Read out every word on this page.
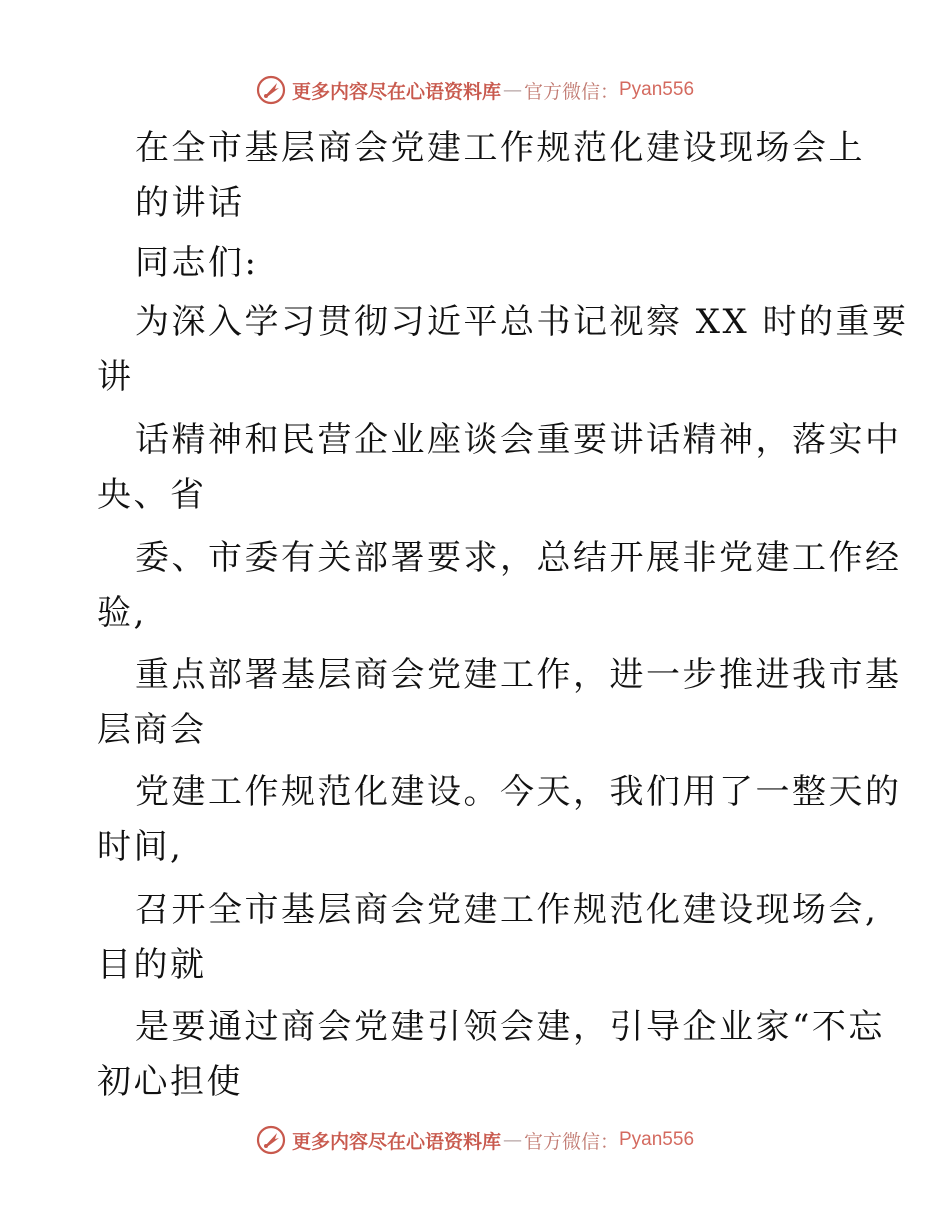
更多内容尽在心语资料库 — 官方微信： Pyan556
在全市基层商会党建工作规范化建设现场会上
的讲话
同志们:
为深入学习贯彻习近平总书记视察 XX 时的重要
讲
话精神和民营企业座谈会重要讲话精神，落实中
央、省
委、市委有关部署要求，总结开展非党建工作经
验,
重点部署基层商会党建工作，进一步推进我市基
层商会
党建工作规范化建设。今天，我们用了一整天的
时间,
召开全市基层商会党建工作规范化建设现场会,
目的就
是要通过商会党建引领会建，引导企业家“不忘
初心担使
更多内容尽在心语资料库 — 官方微信： Pyan556
